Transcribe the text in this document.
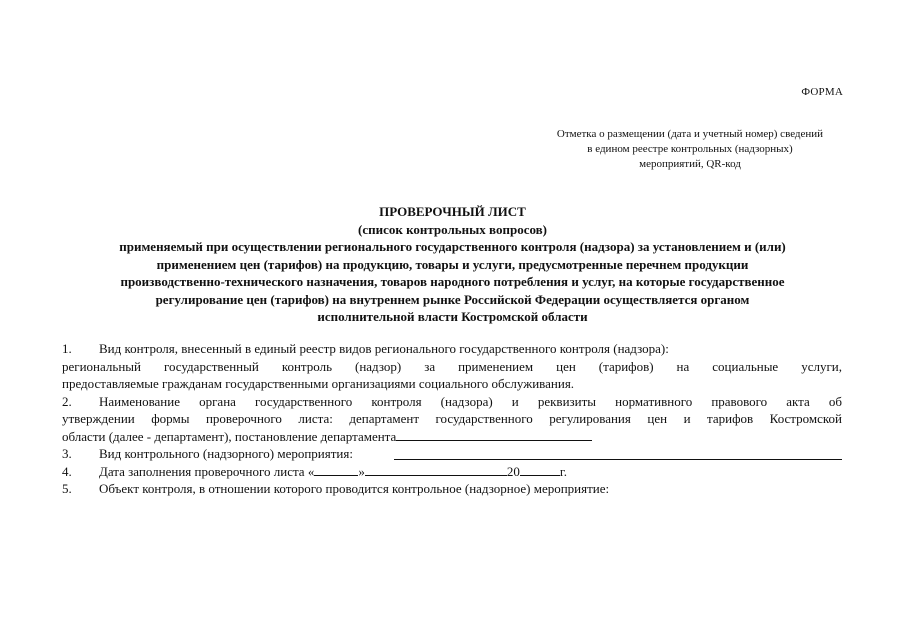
ФОРМА
Отметка о размещении (дата и учетный номер) сведений
в едином реестре контрольных (надзорных)
мероприятий, QR-код
ПРОВЕРОЧНЫЙ ЛИСТ
(список контрольных вопросов)
применяемый при осуществлении регионального государственного контроля (надзора) за установлением и (или)
применением цен (тарифов) на продукцию, товары и услуги, предусмотренные перечнем продукции
производственно-технического назначения, товаров народного потребления и услуг, на которые государственное
регулирование цен (тарифов) на внутреннем рынке Российской Федерации осуществляется органом
исполнительной власти Костромской области
1. Вид контроля, внесенный в единый реестр видов регионального государственного контроля (надзора):
региональный государственный контроль (надзор) за применением цен (тарифов) на социальные услуги,
предоставляемые гражданам государственными организациями социального обслуживания.
2. Наименование органа государственного контроля (надзора) и реквизиты нормативного правового акта об
утверждении формы проверочного листа: департамент государственного регулирования цен и тарифов Костромской
области (далее - департамент), постановление департамента
3. Вид контрольного (надзорного) мероприятия:
4. Дата заполнения проверочного листа «	»	20	г.
5. Объект контроля, в отношении которого проводится контрольное (надзорное) мероприятие:
